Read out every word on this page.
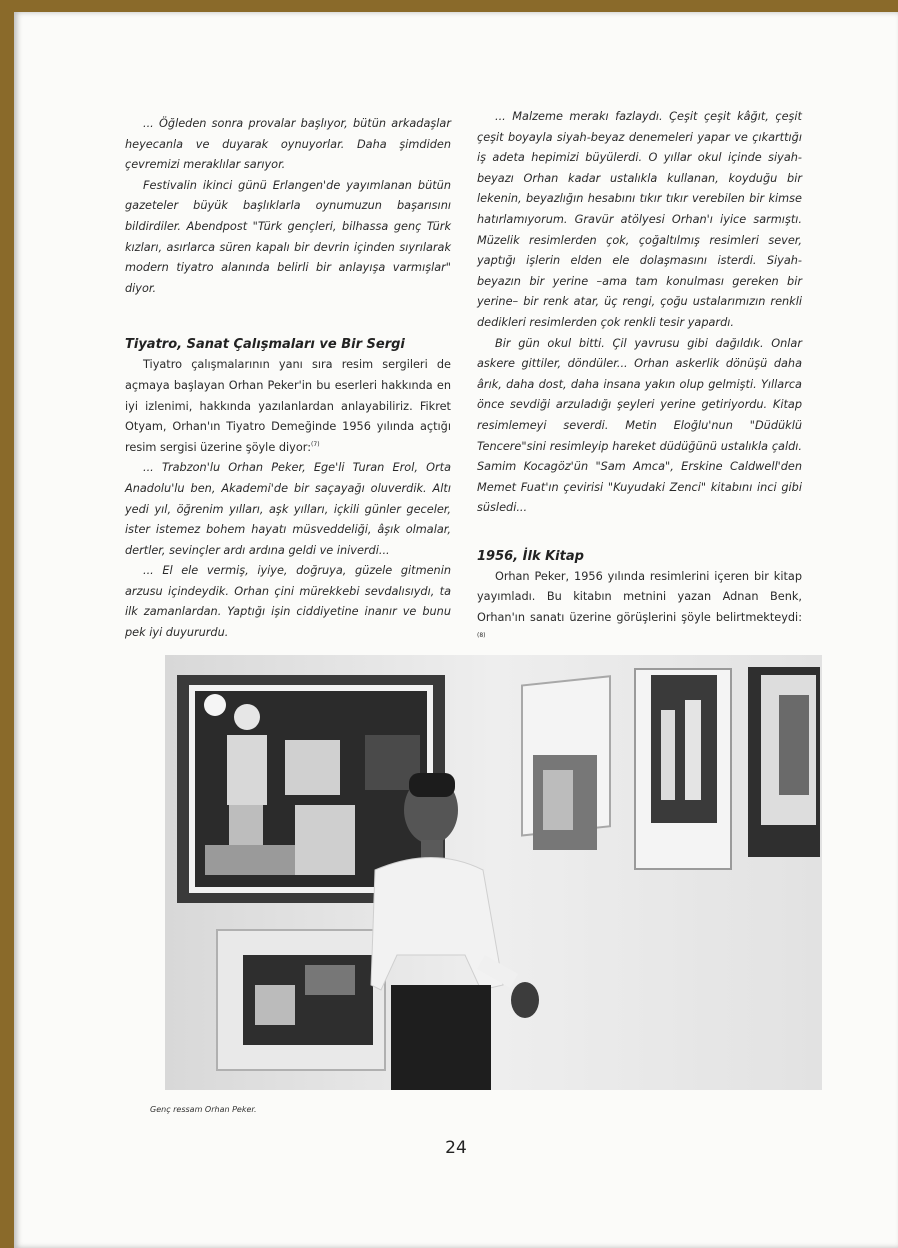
... Öğleden sonra provalar başlıyor, bütün arkadaşlar heyecanla ve duyarak oynuyorlar. Daha şimdiden çevremizi meraklılar sarıyor.

Festivalin ikinci günü Erlangen'de yayımlanan bütün gazeteler büyük başlıklarla oynumuzun başarısını bildirdiler. Abendpost "Türk gençleri, bilhassa genç Türk kızları, asırlarca süren kapalı bir devrin içinden sıyrılarak modern tiyatro alanında belirli bir anlayışa varmışlar" diyor.

Tiyatro, Sanat Çalışmaları ve Bir Sergi

Tiyatro çalışmalarının yanı sıra resim sergileri de açmaya başlayan Orhan Peker'in bu eserleri hakkında en iyi izlenimi, hakkında yazılanlardan anlayabiliriz. Fikret Otyam, Orhan'ın Tiyatro Demeğinde 1956 yılında açtığı resim sergisi üzerine şöyle diyor:$^{(7)}$

... Trabzon'lu Orhan Peker, Ege'li Turan Erol, Orta Anadolu'lu ben, Akademi'de bir saçayağı oluverdik. Altı yedi yıl, öğrenim yılları, aşk yılları, içkili günler geceler, ister istemez bohem hayatı müsveddeliği, âşık olmalar, dertler, sevinçler ardı ardına geldi ve iniverdi...

... El ele vermiş, iyiye, doğruya, güzele gitmenin arzusu içindeydik. Orhan çini mürekkebi sevdalısıydı, ta ilk zamanlardan. Yaptığı işin ciddiyetine inanır ve bunu pek iyi duyururdu.

... Malzeme merakı fazlaydı. Çeşit çeşit kâğıt, çeşit çeşit boyayla siyah-beyaz denemeleri yapar ve çıkarttığı iş adeta hepimizi büyülerdi. O yıllar okul içinde siyah-beyazı Orhan kadar ustalıkla kullanan, koyduğu bir lekenin, beyazlığın hesabını tıkır tıkır verebilen bir kimse hatırlamıyorum. Gravür atölyesi Orhan'ı iyice sarmıştı. Müzelik resimlerden çok, çoğaltılmış resimleri sever, yaptığı işlerin elden ele dolaşmasını isterdi. Siyah-beyazın bir yerine –ama tam konulması gereken bir yerine– bir renk atar, üç rengi, çoğu ustalarımızın renkli dedikleri resimlerden çok renkli tesir yapardı.

Bir gün okul bitti. Çil yavrusu gibi dağıldık. Onlar askere gittiler, döndüler... Orhan askerlik dönüşü daha ârık, daha dost, daha insana yakın olup gelmişti. Yıllarca önce sevdiği arzuladığı şeyleri yerine getiriyordu. Kitap resimlemeyi severdi. Metin Eloğlu'nun "Düdüklü Tencere"sini resimleyip hareket düdüğünü ustalıkla çaldı. Samim Kocagöz'ün "Sam Amca", Erskine Caldwell'den Memet Fuat'ın çevirisi "Kuyudaki Zenci" kitabını inci gibi süsledi...

1956, İlk Kitap

Orhan Peker, 1956 yılında resimlerini içeren bir kitap yayımladı. Bu kitabın metnini yazan Adnan Benk, Orhan'ın sanatı üzerine görüşlerini şöyle belirtmekteydi:$^{(8)}$

Genç ressam Orhan Peker.
24
